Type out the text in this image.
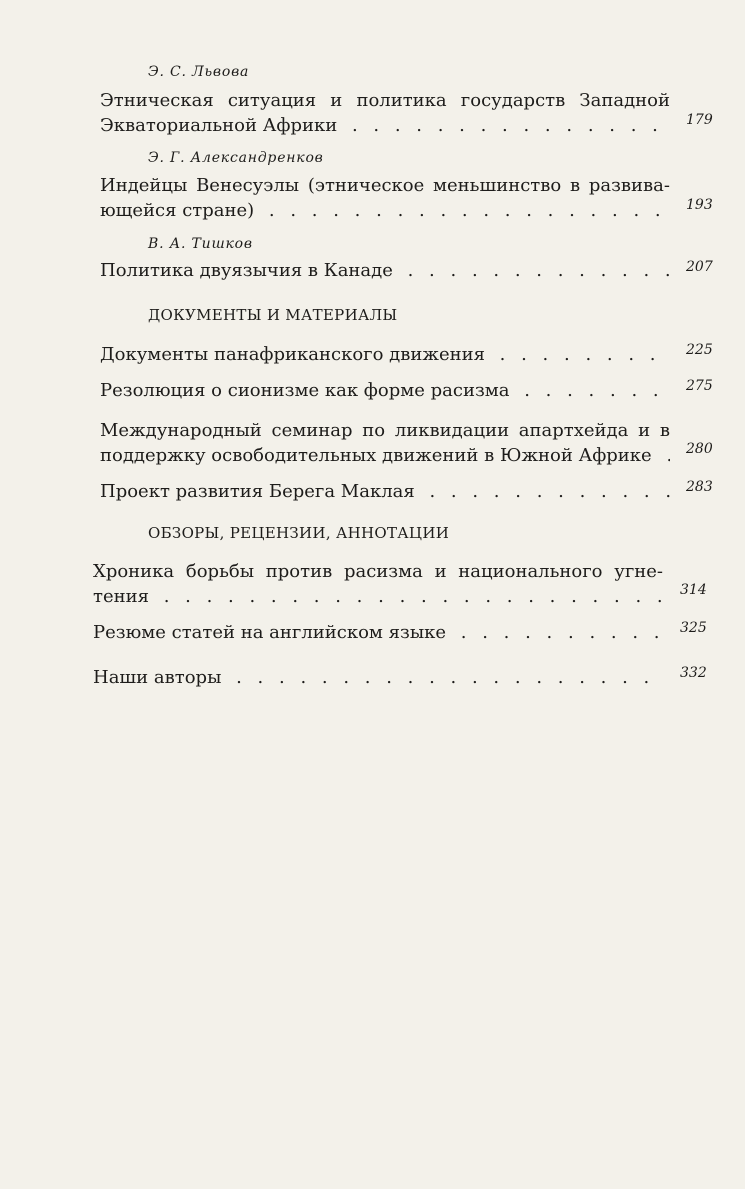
Э. С. Львова
Этническая ситуация и политика государств Западной
Экваториальной Африки . . .	179
Э. Г. Александренков
Индейцы Венесуэлы (этническое меньшинство в развива-
ющейся стране) . . .	193
В. А. Тишков
Политика двуязычия в Канаде . . .	207
ДОКУМЕНТЫ И МАТЕРИАЛЫ
Документы панафриканского движения . . .	225
Резолюция о сионизме как форме расизма . . .	275
Международный семинар по ликвидации апартхейда и в
поддержку освободительных движений в Южной Африке . . .	280
Проект развития Берега Маклая . . .	283
ОБЗОРЫ, РЕЦЕНЗИИ, АННОТАЦИИ
Хроника борьбы против расизма и национального угне-
тения . . .	314
Резюме статей на английском языке . . .	325
Наши авторы . . .	332
